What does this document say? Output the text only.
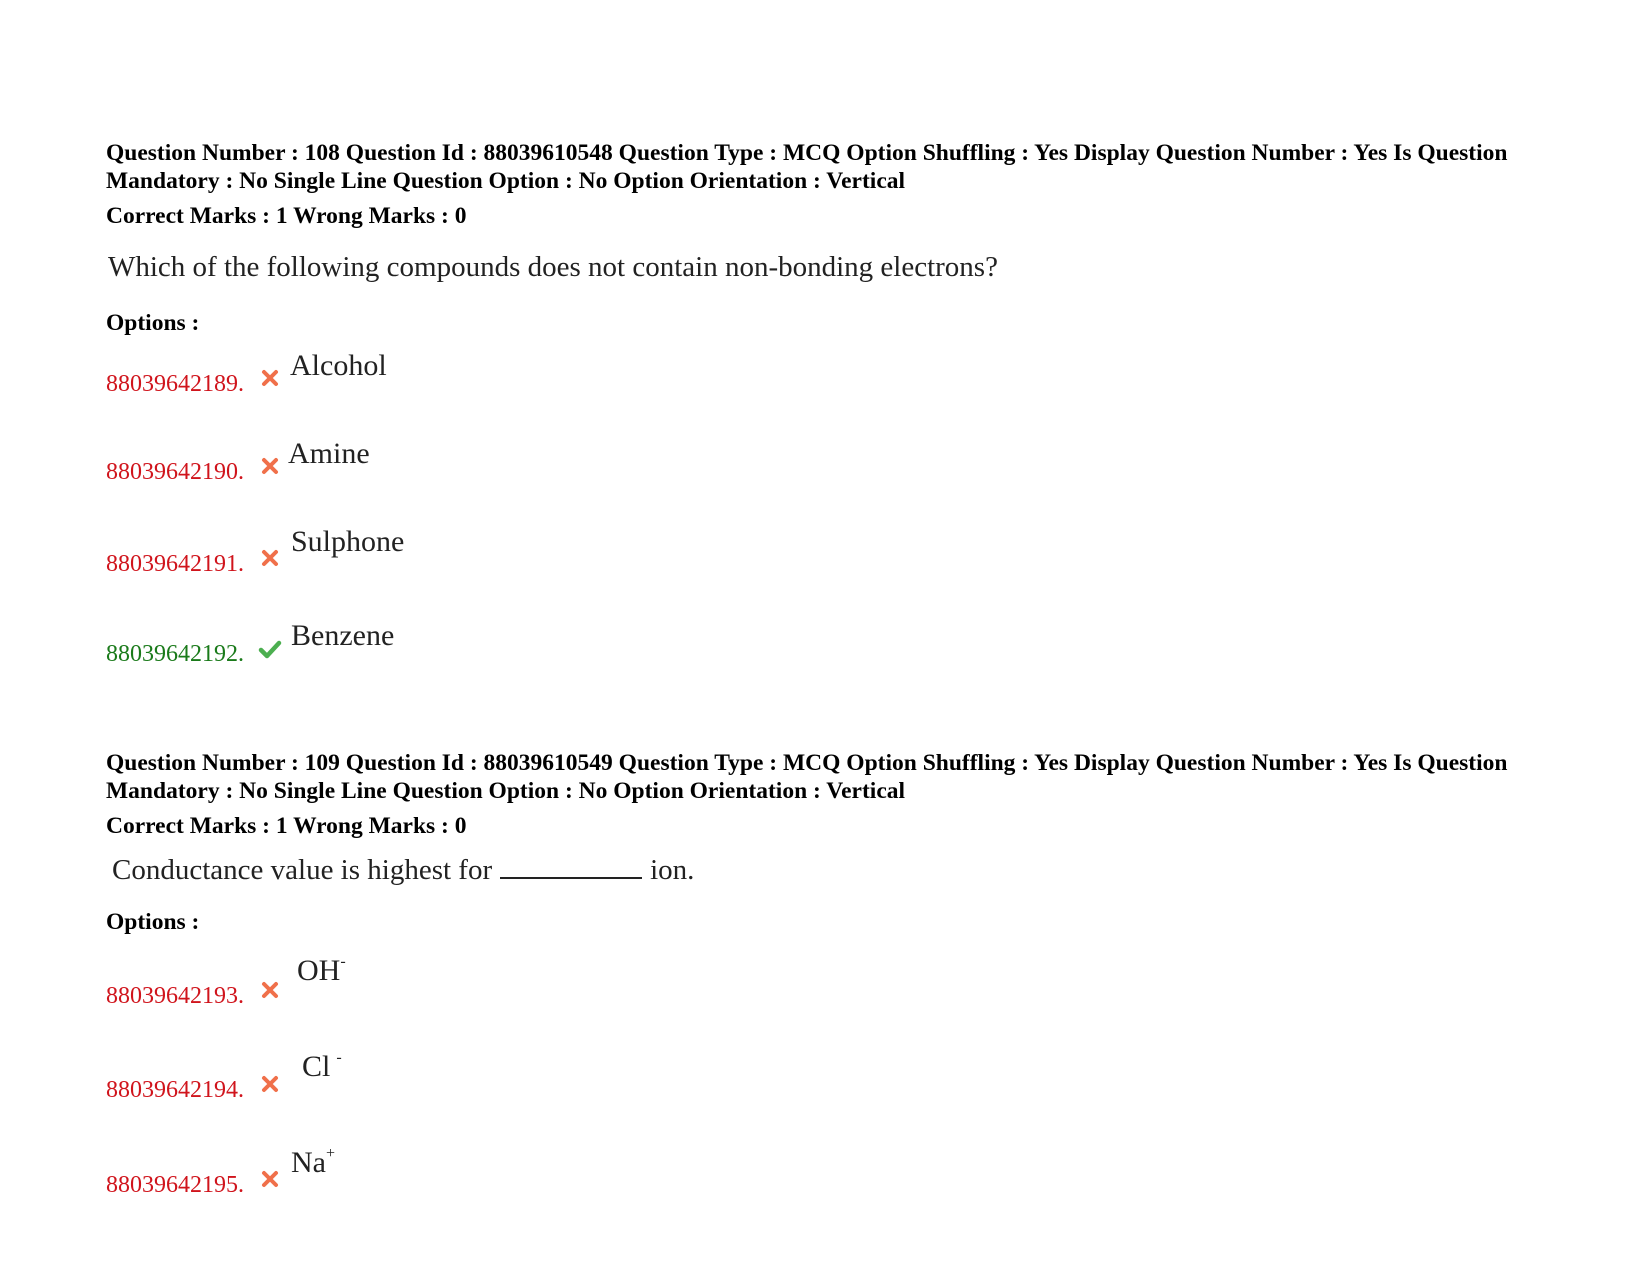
Question Number : 108 Question Id : 88039610548 Question Type : MCQ Option Shuffling : Yes Display Question Number : Yes Is Question Mandatory : No Single Line Question Option : No Option Orientation : Vertical
Correct Marks : 1 Wrong Marks : 0
Which of the following compounds does not contain non-bonding electrons?
Options :
88039642189.
Alcohol
88039642190.
Amine
88039642191.
Sulphone
88039642192.
Benzene
Question Number : 109 Question Id : 88039610549 Question Type : MCQ Option Shuffling : Yes Display Question Number : Yes Is Question Mandatory : No Single Line Question Option : No Option Orientation : Vertical
Correct Marks : 1 Wrong Marks : 0
Conductance value is highest for	ion.
Options :
88039642193.
OH-
88039642194.
Cl -
88039642195.
Na+
